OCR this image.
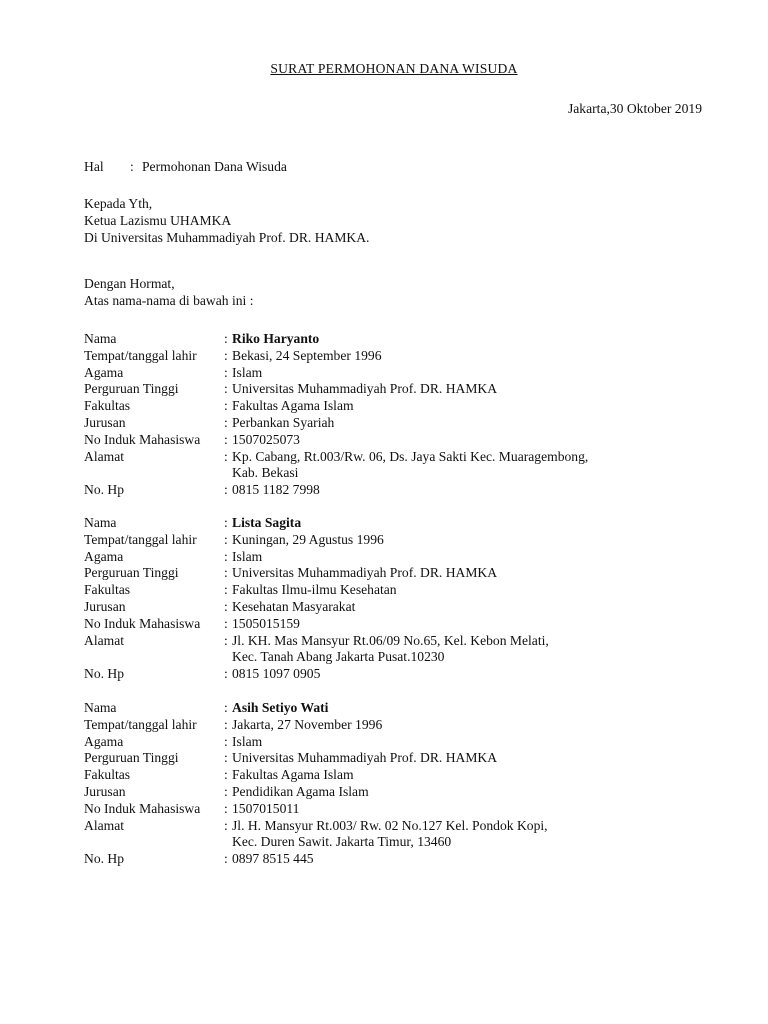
SURAT PERMOHONAN DANA WISUDA
Jakarta,30 Oktober 2019
Hal : Permohonan Dana Wisuda
Kepada Yth,
Ketua Lazismu UHAMKA
Di Universitas Muhammadiyah Prof. DR. HAMKA.
Dengan Hormat,
Atas nama-nama di bawah ini :
Nama	: Riko Haryanto
Tempat/tanggal lahir	: Bekasi, 24 September 1996
Agama	: Islam
Perguruan Tinggi	: Universitas Muhammadiyah Prof. DR. HAMKA
Fakultas	: Fakultas Agama Islam
Jurusan	: Perbankan Syariah
No Induk Mahasiswa	: 1507025073
Alamat	: Kp. Cabang, Rt.003/Rw. 06, Ds. Jaya Sakti Kec. Muaragembong,
Kab. Bekasi
No. Hp	: 0815 1182 7998
Nama	: Lista Sagita
Tempat/tanggal lahir	: Kuningan, 29 Agustus 1996
Agama	: Islam
Perguruan Tinggi	: Universitas Muhammadiyah Prof. DR. HAMKA
Fakultas	: Fakultas Ilmu-ilmu Kesehatan
Jurusan	: Kesehatan Masyarakat
No Induk Mahasiswa	: 1505015159
Alamat	: Jl. KH. Mas Mansyur Rt.06/09 No.65, Kel. Kebon Melati,
Kec. Tanah Abang Jakarta Pusat.10230
No. Hp	: 0815 1097 0905
Nama	: Asih Setiyo Wati
Tempat/tanggal lahir	: Jakarta, 27 November 1996
Agama	: Islam
Perguruan Tinggi	: Universitas Muhammadiyah Prof. DR. HAMKA
Fakultas	: Fakultas Agama Islam
Jurusan	: Pendidikan Agama Islam
No Induk Mahasiswa	: 1507015011
Alamat	: Jl. H. Mansyur Rt.003/ Rw. 02 No.127 Kel. Pondok Kopi,
Kec. Duren Sawit. Jakarta Timur, 13460
No. Hp	: 0897 8515 445
